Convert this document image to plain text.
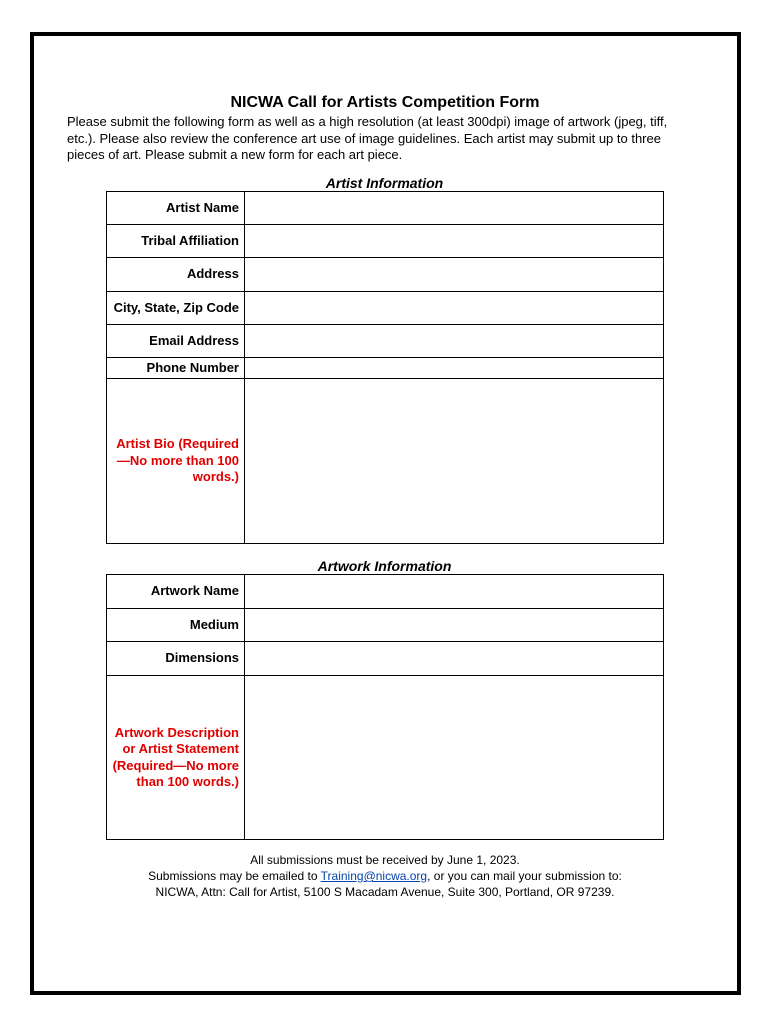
NICWA Call for Artists Competition Form
Please submit the following form as well as a high resolution (at least 300dpi) image of artwork (jpeg, tiff, etc.). Please also review the conference art use of image guidelines. Each artist may submit up to three pieces of art. Please submit a new form for each art piece.
Artist Information
Artist Name	
Tribal Affiliation	
Address	
City, State, Zip Code	
Email Address	
Phone Number	
Artist Bio (Required—No more than 100 words.)	
Artwork Information
Artwork Name	
Medium	
Dimensions	
Artwork Description or Artist Statement (Required—No more than 100 words.)	
All submissions must be received by June 1, 2023.
Submissions may be emailed to Training@nicwa.org, or you can mail your submission to:
NICWA, Attn: Call for Artist, 5100 S Macadam Avenue, Suite 300, Portland, OR 97239.
